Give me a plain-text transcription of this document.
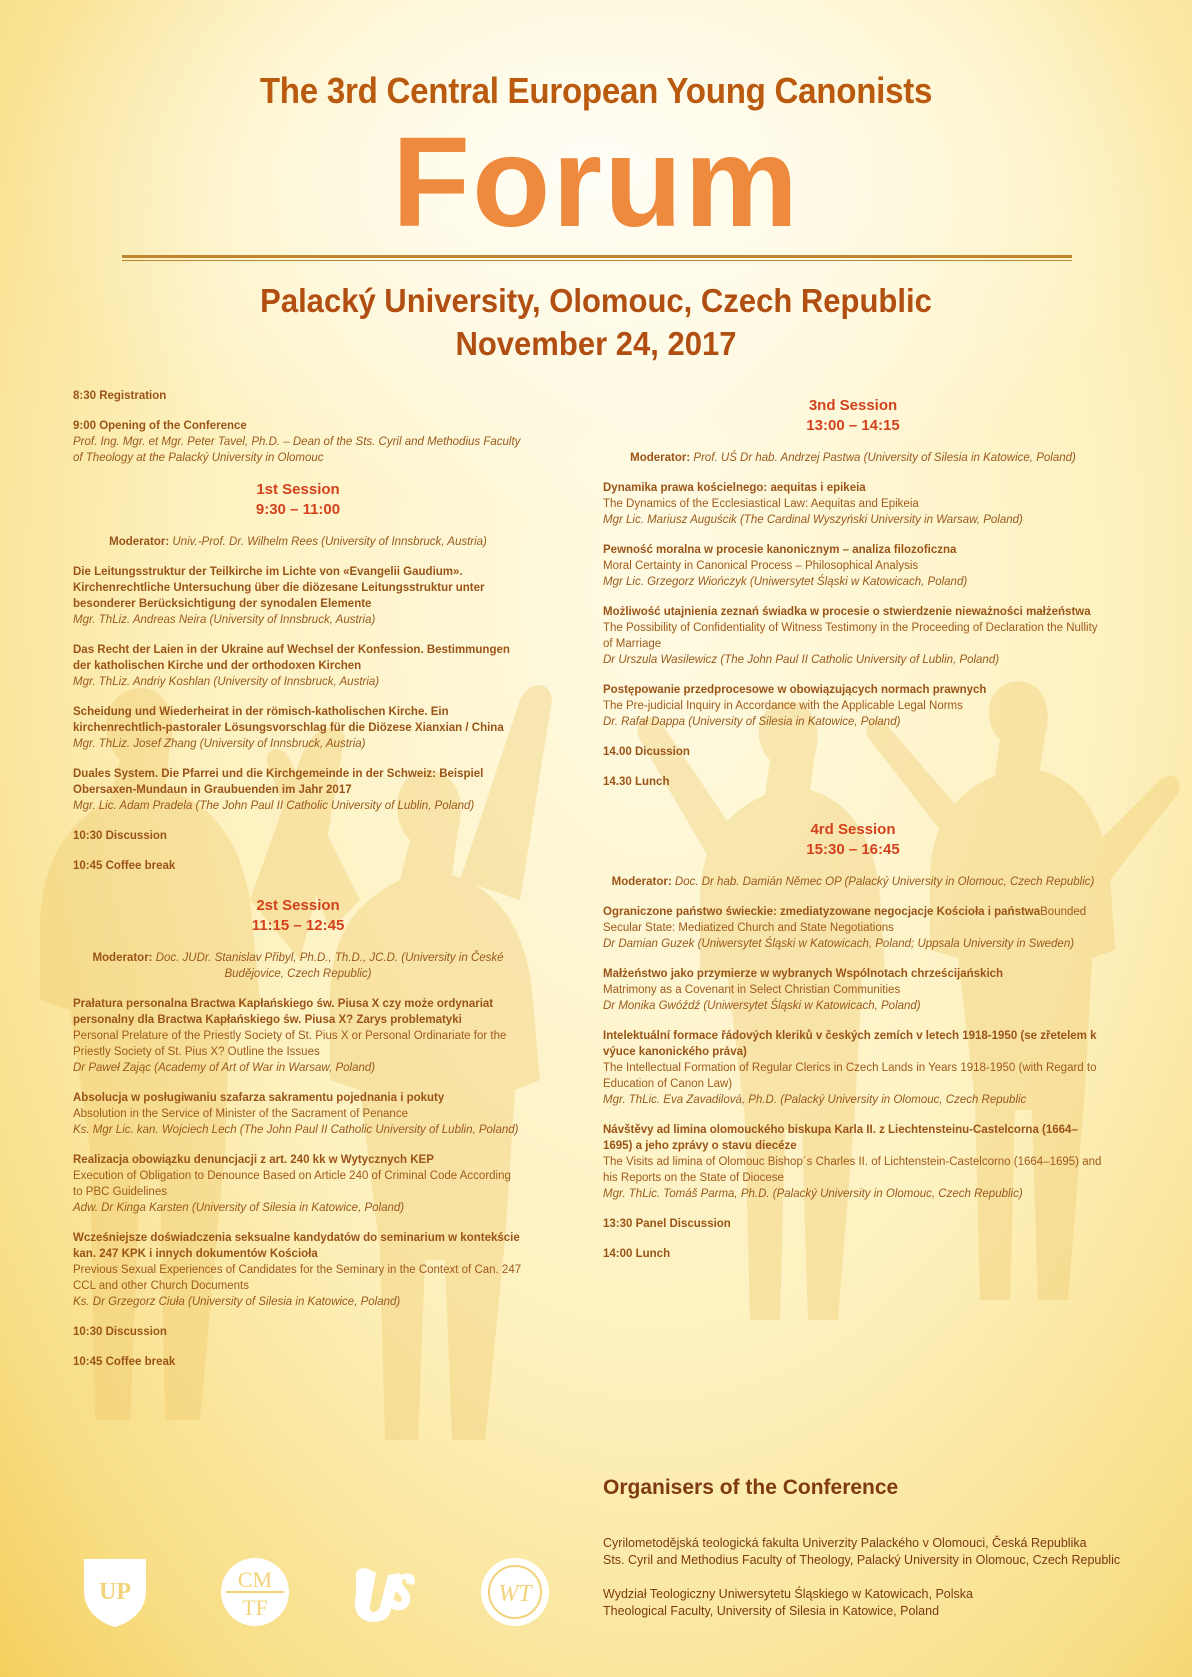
The 3rd Central European Young Canonists
Forum
Palacký University, Olomouc, Czech Republic
November 24, 2017
8:30 Registration
9:00 Opening of the Conference
Prof. Ing. Mgr. et Mgr. Peter Tavel, Ph.D. – Dean of the Sts. Cyril and Methodius Faculty of Theology at the Palacký University in Olomouc
1st Session
9:30 – 11:00
Moderator: Univ.-Prof. Dr. Wilhelm Rees (University of Innsbruck, Austria)
Die Leitungsstruktur der Teilkirche im Lichte von «Evangelii Gaudium». Kirchenrechtliche Untersuchung über die diözesane Leitungsstruktur unter besonderer Berücksichtigung der synodalen Elemente
Mgr. ThLiz. Andreas Neira (University of Innsbruck, Austria)
Das Recht der Laien in der Ukraine auf Wechsel der Konfession. Bestimmungen der katholischen Kirche und der orthodoxen Kirchen
Mgr. ThLiz. Andriy Koshlan (University of Innsbruck, Austria)
Scheidung und Wiederheirat in der römisch-katholischen Kirche. Ein kirchenrechtlich-pastoraler Lösungsvorschlag für die Diözese Xianxian / China
Mgr. ThLiz. Josef Zhang (University of Innsbruck, Austria)
Duales System. Die Pfarrei und die Kirchgemeinde in der Schweiz: Beispiel Obersaxen-Mundaun in Graubuenden im Jahr 2017
Mgr. Lic. Adam Pradela (The John Paul II Catholic University of Lublin, Poland)
10:30 Discussion
10:45 Coffee break
2st Session
11:15 – 12:45
Moderator: Doc. JUDr. Stanislav Přibyl, Ph.D., Th.D., JC.D. (University in České Budějovice, Czech Republic)
Prałatura personalna Bractwa Kapłańskiego św. Piusa X czy może ordynariat personalny dla Bractwa Kapłańskiego św. Piusa X? Zarys problematyki
Personal Prelature of the Priestly Society of St. Pius X or Personal Ordinariate for the Priestly Society of St. Pius X? Outline the Issues
Dr Paweł Zając (Academy of Art of War in Warsaw, Poland)
Absolucja w posługiwaniu szafarza sakramentu pojednania i pokuty
Absolution in the Service of Minister of the Sacrament of Penance
Ks. Mgr Lic. kan. Wojciech Lech (The John Paul II Catholic University of Lublin, Poland)
Realizacja obowiązku denuncjacji z art. 240 kk w Wytycznych KEP
Execution of Obligation to Denounce Based on Article 240 of Criminal Code According to PBC Guidelines
Adw. Dr Kinga Karsten (University of Silesia in Katowice, Poland)
Wcześniejsze doświadczenia seksualne kandydatów do seminarium w kontekście kan. 247 KPK i innych dokumentów Kościoła
Previous Sexual Experiences of Candidates for the Seminary in the Context of Can. 247 CCL and other Church Documents
Ks. Dr Grzegorz Ciuła (University of Silesia in Katowice, Poland)
10:30 Discussion
10:45 Coffee break
3nd Session
13:00 – 14:15
Moderator: Prof. UŚ Dr hab. Andrzej Pastwa (University of Silesia in Katowice, Poland)
Dynamika prawa kościelnego: aequitas i epikeia
The Dynamics of the Ecclesiastical Law: Aequitas and Epikeia
Mgr Lic. Mariusz Auguścik (The Cardinal Wyszyński University in Warsaw, Poland)
Pewność moralna w procesie kanonicznym – analiza filozoficzna
Moral Certainty in Canonical Process – Philosophical Analysis
Mgr Lic. Grzegorz Wiończyk (Uniwersytet Śląski w Katowicach, Poland)
Możliwość utajnienia zeznań świadka w procesie o stwierdzenie nieważności małżeństwa
The Possibility of Confidentiality of Witness Testimony in the Proceeding of Declaration the Nullity of Marriage
Dr Urszula Wasilewicz (The John Paul II Catholic University of Lublin, Poland)
Postępowanie przedprocesowe w obowiązujących normach prawnych
The Pre-judicial Inquiry in Accordance with the Applicable Legal Norms
Dr. Rafał Dappa (University of Silesia in Katowice, Poland)
14.00 Dicussion
14.30 Lunch
4rd Session
15:30 – 16:45
Moderator: Doc. Dr hab. Damián Němec OP (Palacký University in Olomouc, Czech Republic)
Ograniczone państwo świeckie: zmediatyzowane negocjacje Kościoła i państwaBounded Secular State: Mediatized Church and State Negotiations
Dr Damian Guzek (Uniwersytet Śląski w Katowicach, Poland; Uppsala University in Sweden)
Małżeństwo jako przymierze w wybranych Wspólnotach chrześcijańskich
Matrimony as a Covenant in Select Christian Communities
Dr Monika Gwóźdź (Uniwersytet Śląski w Katowicach, Poland)
Intelektuální formace řádových kleriků v českých zemích v letech 1918-1950 (se zřetelem k výuce kanonického práva)
The Intellectual Formation of Regular Clerics in Czech Lands in Years 1918-1950 (with Regard to Education of Canon Law)
Mgr. ThLic. Eva Zavadilová, Ph.D. (Palacký University in Olomouc, Czech Republic
Návštěvy ad limina olomouckého biskupa Karla II. z Liechtensteinu-Castelcorna (1664–1695) a jeho zprávy o stavu diecéze
The Visits ad limina of Olomouc Bishop´s Charles II. of Lichtenstein-Castelcorno (1664–1695) and his Reports on the State of Diocese
Mgr. ThLic. Tomáš Parma, Ph.D. (Palacký University in Olomouc, Czech Republic)
13:30 Panel Discussion
14:00 Lunch
Organisers of the Conference
Cyrilometodějská teologická fakulta Univerzity Palackého v Olomouci, Česká Republika
Sts. Cyril and Methodius Faculty of Theology, Palacký University in Olomouc, Czech Republic
Wydział Teologiczny Uniwersytetu Śląskiego w Katowicach, Polska
Theological Faculty, University of Silesia in Katowice, Poland
UP	CM
TF
WT
